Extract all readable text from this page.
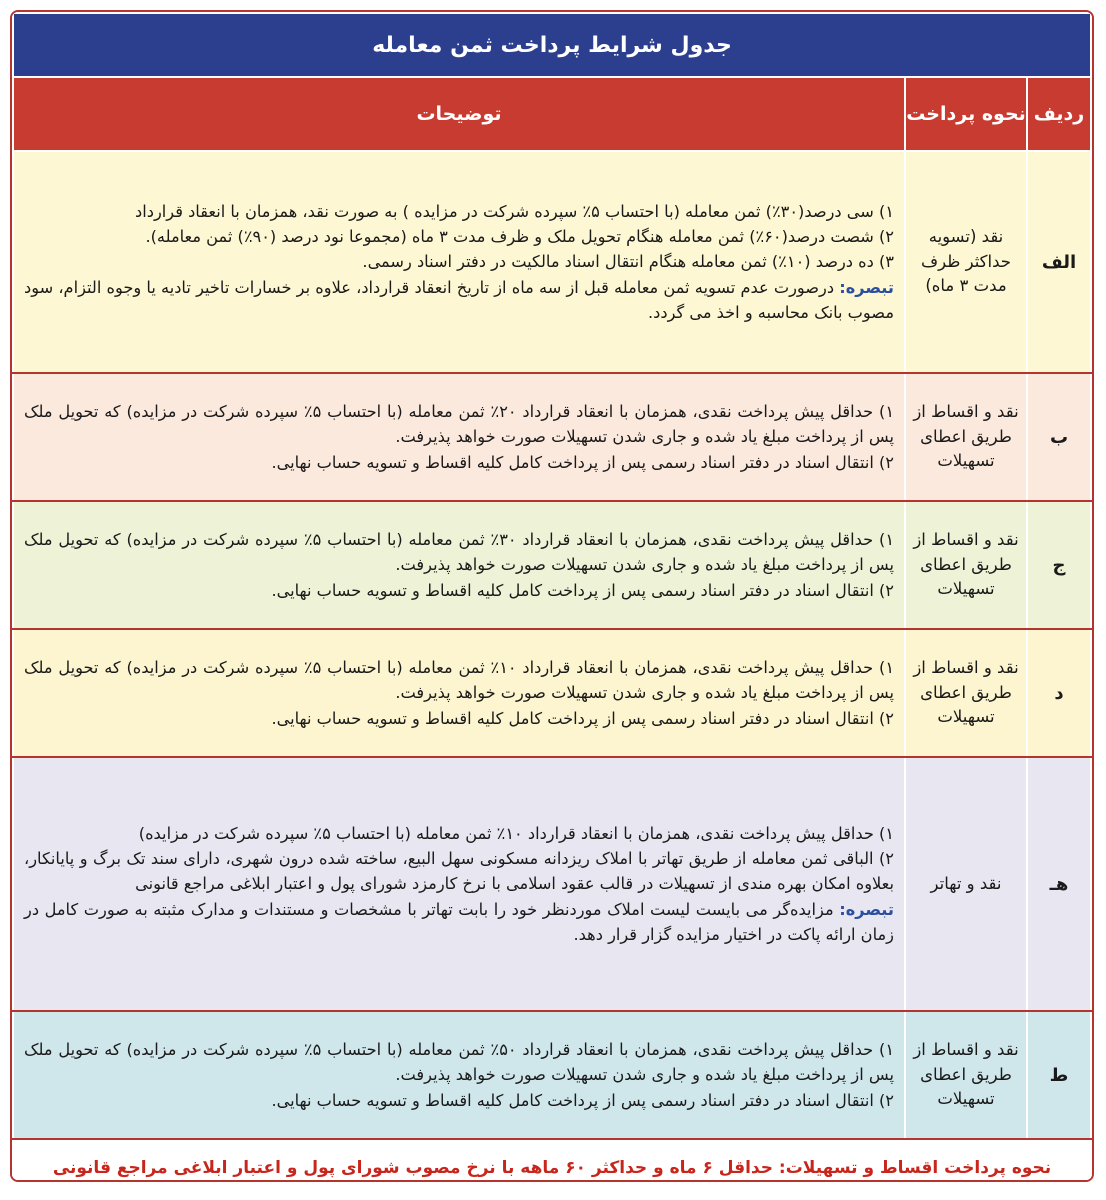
جدول شرایط پرداخت ثمن معامله		
ردیف	نحوه پرداخت	توضیحات
الف	نقد (تسویه حداکثر ظرف مدت ۳ ماه)	۱) سی درصد(۳۰٪) ثمن معامله (با احتساب ۵٪ سپرده شرکت در مزایده ) به صورت نقد، همزمان با انعقاد قرارداد

۲) شصت درصد(۶۰٪) ثمن معامله هنگام تحویل ملک و ظرف مدت ۳ ماه (مجموعا نود درصد (۹۰٪) ثمن معامله).

۳) ده درصد (۱۰٪) ثمن معامله هنگام انتقال اسناد مالکیت در دفتر اسناد رسمی.

تبصره: درصورت عدم تسویه ثمن معامله قبل از سه ماه از تاریخ انعقاد قرارداد، علاوه بر خسارات تاخیر تادیه یا وجوه التزام، سود مصوب بانک محاسبه و اخذ می گردد.

ب	نقد و اقساط از طریق اعطای تسهیلات	۱) حداقل پیش پرداخت نقدی، همزمان با انعقاد قرارداد ۲۰٪ ثمن معامله (با احتساب ۵٪ سپرده شرکت در مزایده) که تحویل ملک پس از پرداخت مبلغ یاد شده و جاری شدن تسهیلات صورت خواهد پذیرفت.

۲) انتقال اسناد در دفتر اسناد رسمی پس از پرداخت کامل کلیه اقساط و تسویه حساب نهایی.

ج	نقد و اقساط از طریق اعطای تسهیلات	۱) حداقل پیش پرداخت نقدی، همزمان با انعقاد قرارداد ۳۰٪ ثمن معامله (با احتساب ۵٪ سپرده شرکت در مزایده) که تحویل ملک پس از پرداخت مبلغ یاد شده و جاری شدن تسهیلات صورت خواهد پذیرفت.

۲) انتقال اسناد در دفتر اسناد رسمی پس از پرداخت کامل کلیه اقساط و تسویه حساب نهایی.

د	نقد و اقساط از طریق اعطای تسهیلات	۱) حداقل پیش پرداخت نقدی، همزمان با انعقاد قرارداد ۱۰٪ ثمن معامله (با احتساب ۵٪ سپرده شرکت در مزایده) که تحویل ملک پس از پرداخت مبلغ یاد شده و جاری شدن تسهیلات صورت خواهد پذیرفت.

۲) انتقال اسناد در دفتر اسناد رسمی پس از پرداخت کامل کلیه اقساط و تسویه حساب نهایی.

هـ	نقد و تهاتر	۱) حداقل پیش پرداخت نقدی، همزمان با انعقاد قرارداد ۱۰٪ ثمن معامله (با احتساب ۵٪ سپرده شرکت در مزایده)

۲) الباقی ثمن معامله از طریق تهاتر با املاک ریزدانه مسکونی سهل البیع، ساخته شده درون شهری، دارای سند تک برگ و پایانکار، بعلاوه امکان بهره مندی از تسهیلات در قالب عقود اسلامی با نرخ کارمزد شورای پول و اعتبار ابلاغی مراجع قانونی

تبصره: مزایده‌گر می بایست لیست املاک موردنظر خود را بابت تهاتر با مشخصات و مستندات و مدارک مثبته به صورت کامل در زمان ارائه پاکت در اختیار مزایده گزار قرار دهد.

ط	نقد و اقساط از طریق اعطای تسهیلات	۱) حداقل پیش پرداخت نقدی، همزمان با انعقاد قرارداد ۵۰٪ ثمن معامله (با احتساب ۵٪ سپرده شرکت در مزایده) که تحویل ملک پس از پرداخت مبلغ یاد شده و جاری شدن تسهیلات صورت خواهد پذیرفت.

۲) انتقال اسناد در دفتر اسناد رسمی پس از پرداخت کامل کلیه اقساط و تسویه حساب نهایی.

نحوه پرداخت اقساط و تسهیلات: حداقل ۶ ماه و حداکثر ۶۰ ماهه با نرخ مصوب شورای پول و اعتبار ابلاغی مراجع قانونی		
